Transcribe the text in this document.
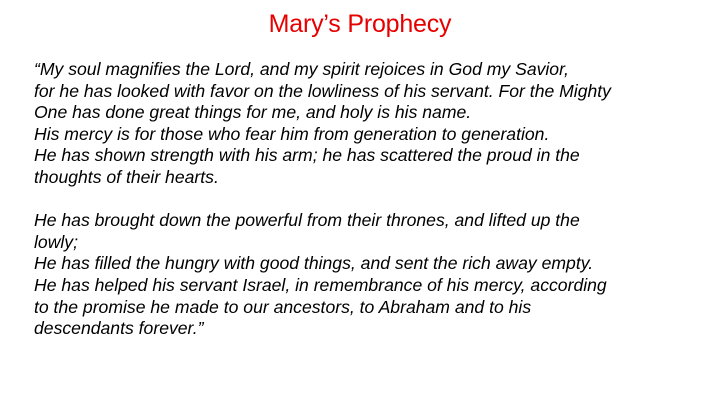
Mary’s Prophecy
“My soul magnifies the Lord, and my spirit rejoices in God my Savior,
for he has looked with favor on the lowliness of his servant. For the Mighty
One has done great things for me, and holy is his name.
His mercy is for those who fear him from generation to generation.
He has shown strength with his arm; he has scattered the proud in the
thoughts of their hearts.
He has brought down the powerful from their thrones, and lifted up the
lowly;
He has filled the hungry with good things, and sent the rich away empty.
He has helped his servant Israel, in remembrance of his mercy, according
to the promise he made to our ancestors, to Abraham and to his
descendants forever.”
